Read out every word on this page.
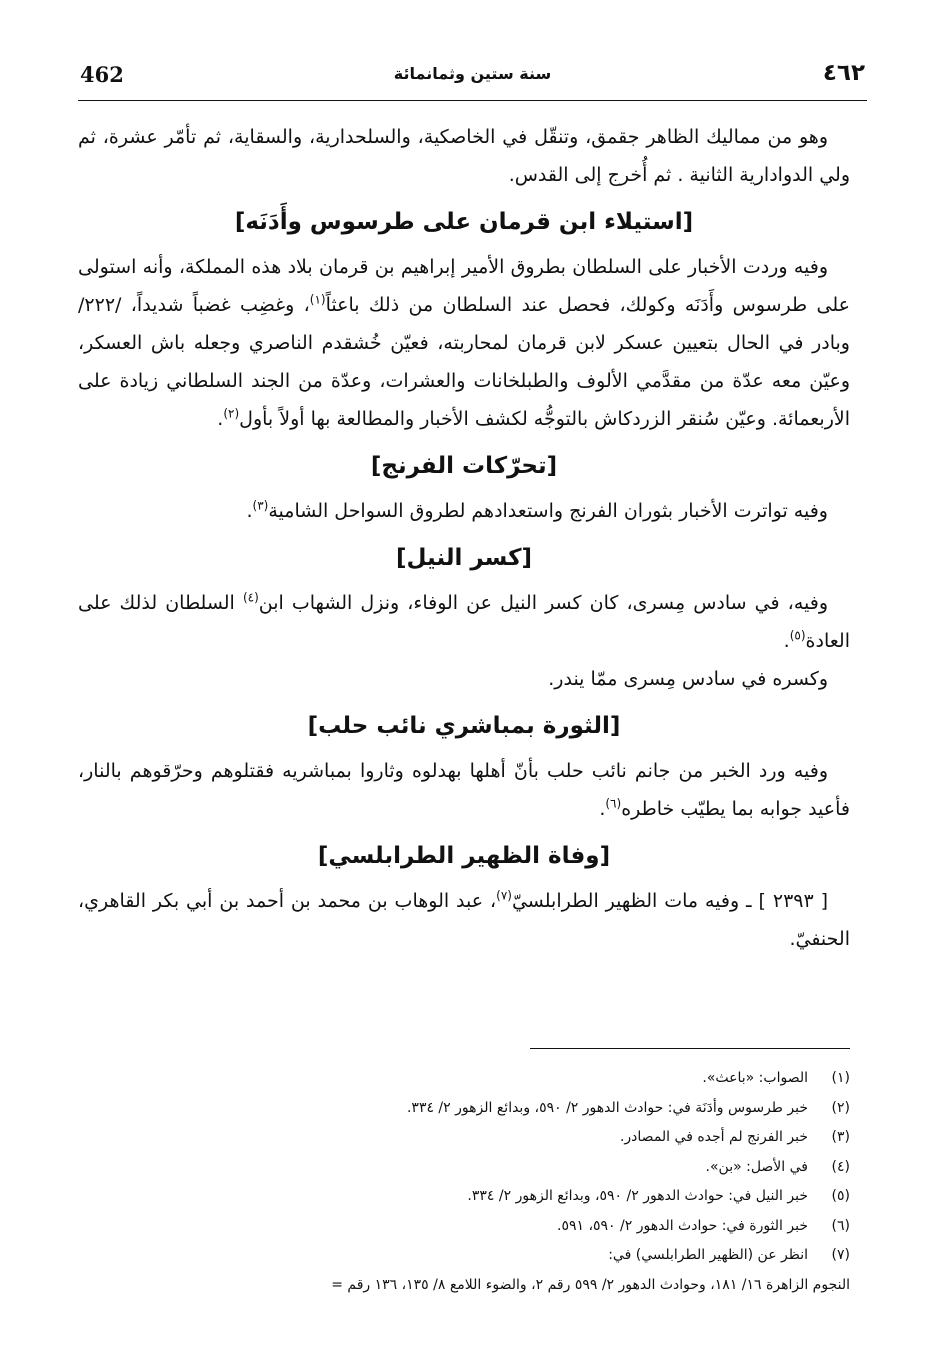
462	سنة ستين وثمانمائة	٤٦٢

وهو من مماليك الظاهر جقمق، وتنقّل في الخاصكية، والسلحدارية، والسقاية، ثم تأمّر عشرة، ثم ولي الدوادارية الثانية . ثم أُخرج إلى القدس.

[استيلاء ابن قرمان على طرسوس وأَدَنَه]

وفيه وردت الأخبار على السلطان بطروق الأمير إبراهيم بن قرمان بلاد هذه المملكة، وأنه استولى على طرسوس وأَدَنَه وكولك، فحصل عند السلطان من ذلك باعثاً$^{(١)}$، وغضِب غضباً شديداً، /٢٢٢/ وبادر في الحال بتعيين عسكر لابن قرمان لمحاربته، فعيّن خُشقدم الناصري وجعله باش العسكر، وعيّن معه عدّة من مقدَّمي الألوف والطبلخانات والعشرات، وعدّة من الجند السلطاني زيادة على الأربعمائة. وعيّن سُنقر الزردكاش بالتوجُّه لكشف الأخبار والمطالعة بها أولاً بأول$^{(٢)}$.

[تحرّكات الفرنج]

وفيه تواترت الأخبار بثوران الفرنج واستعدادهم لطروق السواحل الشامية$^{(٣)}$.

[كسر النيل]

وفيه، في سادس مِسرى، كان كسر النيل عن الوفاء، ونزل الشهاب ابن$^{(٤)}$ السلطان لذلك على العادة$^{(٥)}$.

وكسره في سادس مِسرى ممّا يندر.

[الثورة بمباشري نائب حلب]

وفيه ورد الخبر من جانم نائب حلب بأنّ أهلها بهدلوه وثاروا بمباشريه فقتلوهم وحرّقوهم بالنار، فأعيد جوابه بما يطيّب خاطره$^{(٦)}$.

[وفاة الظهير الطرابلسي]

[ ٢٣٩٣ ] ـ وفيه مات الظهير الطرابلسيّ$^{(٧)}$، عبد الوهاب بن محمد بن أحمد بن أبي بكر القاهري، الحنفيّ.

(١)
الصواب: «باعث».
(٢)
خبر طرسوس وأدَنَة في: حوادث الدهور ٢/ ٥٩٠، وبدائع الزهور ٢/ ٣٣٤.
(٣)
خبر الفرنج لم أجده في المصادر.
(٤)
في الأصل: «بن».
(٥)
خبر النيل في: حوادث الدهور ٢/ ٥٩٠، وبدائع الزهور ٢/ ٣٣٤.
(٦)
خبر الثورة في: حوادث الدهور ٢/ ٥٩٠، ٥٩١.
(٧)
انظر عن (الظهير الطرابلسي) في:
النجوم الزاهرة ١٦/ ١٨١، وحوادث الدهور ٢/ ٥٩٩ رقم ٢، والضوء اللامع ٨/ ١٣٥، ١٣٦ رقم =
